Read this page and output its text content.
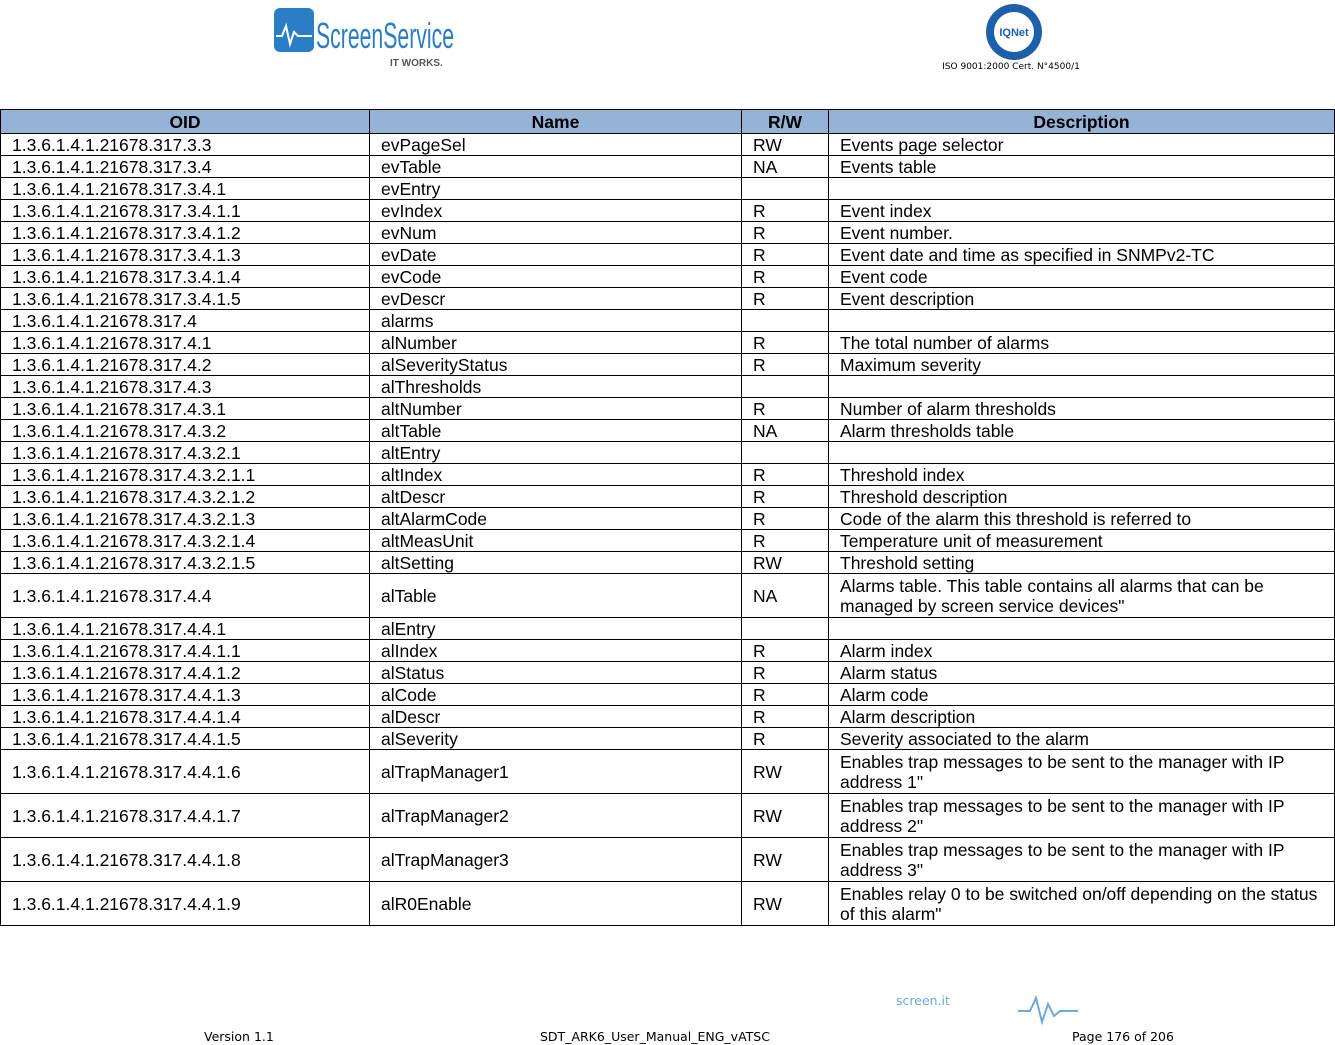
ScreenService
IT WORKS.
IQNet
ISO 9001:2000 Cert. N°4500/1
OID	Name	R/W	Description
1.3.6.1.4.1.21678.317.3.3	evPageSel	RW	Events page selector
1.3.6.1.4.1.21678.317.3.4	evTable	NA	Events table
1.3.6.1.4.1.21678.317.3.4.1	evEntry		
1.3.6.1.4.1.21678.317.3.4.1.1	evIndex	R	Event index
1.3.6.1.4.1.21678.317.3.4.1.2	evNum	R	Event number.
1.3.6.1.4.1.21678.317.3.4.1.3	evDate	R	Event date and time as specified in SNMPv2-TC
1.3.6.1.4.1.21678.317.3.4.1.4	evCode	R	Event code
1.3.6.1.4.1.21678.317.3.4.1.5	evDescr	R	Event description
1.3.6.1.4.1.21678.317.4	alarms		
1.3.6.1.4.1.21678.317.4.1	alNumber	R	The total number of alarms
1.3.6.1.4.1.21678.317.4.2	alSeverityStatus	R	Maximum severity
1.3.6.1.4.1.21678.317.4.3	alThresholds		
1.3.6.1.4.1.21678.317.4.3.1	altNumber	R	Number of alarm thresholds
1.3.6.1.4.1.21678.317.4.3.2	altTable	NA	Alarm thresholds table
1.3.6.1.4.1.21678.317.4.3.2.1	altEntry		
1.3.6.1.4.1.21678.317.4.3.2.1.1	altIndex	R	Threshold index
1.3.6.1.4.1.21678.317.4.3.2.1.2	altDescr	R	Threshold description
1.3.6.1.4.1.21678.317.4.3.2.1.3	altAlarmCode	R	Code of the alarm this threshold is referred to
1.3.6.1.4.1.21678.317.4.3.2.1.4	altMeasUnit	R	Temperature unit of measurement
1.3.6.1.4.1.21678.317.4.3.2.1.5	altSetting	RW	Threshold setting
1.3.6.1.4.1.21678.317.4.4	alTable	NA	Alarms table. This table contains all alarms that can be managed by screen service devices"
1.3.6.1.4.1.21678.317.4.4.1	alEntry		
1.3.6.1.4.1.21678.317.4.4.1.1	alIndex	R	Alarm index
1.3.6.1.4.1.21678.317.4.4.1.2	alStatus	R	Alarm status
1.3.6.1.4.1.21678.317.4.4.1.3	alCode	R	Alarm code
1.3.6.1.4.1.21678.317.4.4.1.4	alDescr	R	Alarm description
1.3.6.1.4.1.21678.317.4.4.1.5	alSeverity	R	Severity associated to the alarm
1.3.6.1.4.1.21678.317.4.4.1.6	alTrapManager1	RW	Enables trap messages to be sent to the manager with IP address 1"
1.3.6.1.4.1.21678.317.4.4.1.7	alTrapManager2	RW	Enables trap messages to be sent to the manager with IP address 2"
1.3.6.1.4.1.21678.317.4.4.1.8	alTrapManager3	RW	Enables trap messages to be sent to the manager with IP address 3"
1.3.6.1.4.1.21678.317.4.4.1.9	alR0Enable	RW	Enables relay 0 to be switched on/off depending on the status of this alarm"
screen.it
Version 1.1	SDT_ARK6_User_Manual_ENG_vATSC	Page 176 of 206
